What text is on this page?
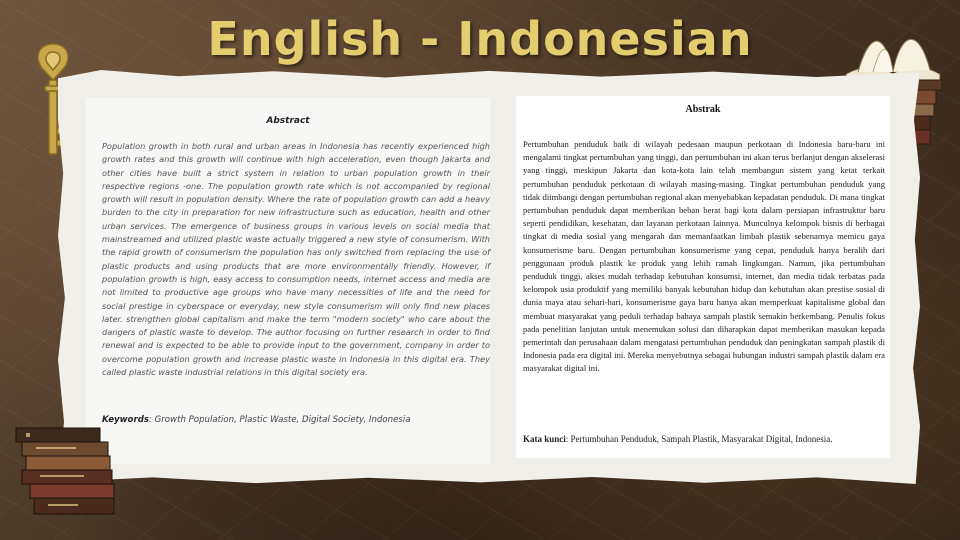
English - Indonesian
Abstract

Population growth in both rural and urban areas in Indonesia has recently experienced high growth rates and this growth will continue with high acceleration, even though Jakarta and other cities have built a strict system in relation to urban population growth in their respective regions -one. The population growth rate which is not accompanied by regional growth will result in population density. Where the rate of population growth can add a heavy burden to the city in preparation for new infrastructure such as education, health and other urban services. The emergence of business groups in various levels on social media that mainstreamed and utilized plastic waste actually triggered a new style of consumerism. With the rapid growth of consumerism the population has only switched from replacing the use of plastic products and using products that are more environmentally friendly. However, if population growth is high, easy access to consumption needs, internet access and media are not limited to productive age groups who have many necessities of life and the need for social prestige in cyberspace or everyday, new style consumerism will only find new places later. strengthen global capitalism and make the term "modern society" who care about the dangers of plastic waste to develop. The author focusing on further research in order to find renewal and is expected to be able to provide input to the government, company in order to overcome population growth and increase plastic waste in Indonesia in this digital era. They called plastic waste industrial relations in this digital society era.

Keywords: Growth Population, Plastic Waste, Digital Society, Indonesia

Abstrak

Pertumbuhan penduduk baik di wilayah pedesaan maupun perkotaan di Indonesia baru-baru ini mengalami tingkat pertumbuhan yang tinggi, dan pertumbuhan ini akan terus berlanjut dengan akselerasi yang tinggi, meskipun Jakarta dan kota-kota lain telah membangun sistem yang ketat terkait pertumbuhan penduduk perkotaan di wilayah masing-masing. Tingkat pertumbuhan penduduk yang tidak diimbangi dengan pertumbuhan regional akan menyebabkan kepadatan penduduk. Di mana tingkat pertumbuhan penduduk dapat memberikan beban berat bagi kota dalam persiapan infrastruktur baru seperti pendidikan, kesehatan, dan layanan perkotaan lainnya. Munculnya kelompok bisnis di berbagai tingkat di media sosial yang mengarah dan memanfaatkan limbah plastik sebenarnya memicu gaya konsumerisme baru. Dengan pertumbuhan konsumerisme yang cepat, penduduk hanya beralih dari penggunaan produk plastik ke produk yang lebih ramah lingkungan. Namun, jika pertumbuhan penduduk tinggi, akses mudah terhadap kebutuhan konsumsi, internet, dan media tidak terbatas pada kelompok usia produktif yang memiliki banyak kebutuhan hidup dan kebutuhan akan prestise sosial di dunia maya atau sehari-hari, konsumerisme gaya baru hanya akan memperkuat kapitalisme global dan membuat masyarakat yang peduli terhadap bahaya sampah plastik semakin berkembang. Penulis fokus pada penelitian lanjutan untuk menemukan solusi dan diharapkan dapat memberikan masukan kepada pemerintah dan perusahaan dalam mengatasi pertumbuhan penduduk dan peningkatan sampah plastik di Indonesia pada era digital ini. Mereka menyebutnya sebagai hubungan industri sampah plastik dalam era masyarakat digital ini.

Kata kunci: Pertumbuhan Penduduk, Sampah Plastik, Masyarakat Digital, Indonesia.
